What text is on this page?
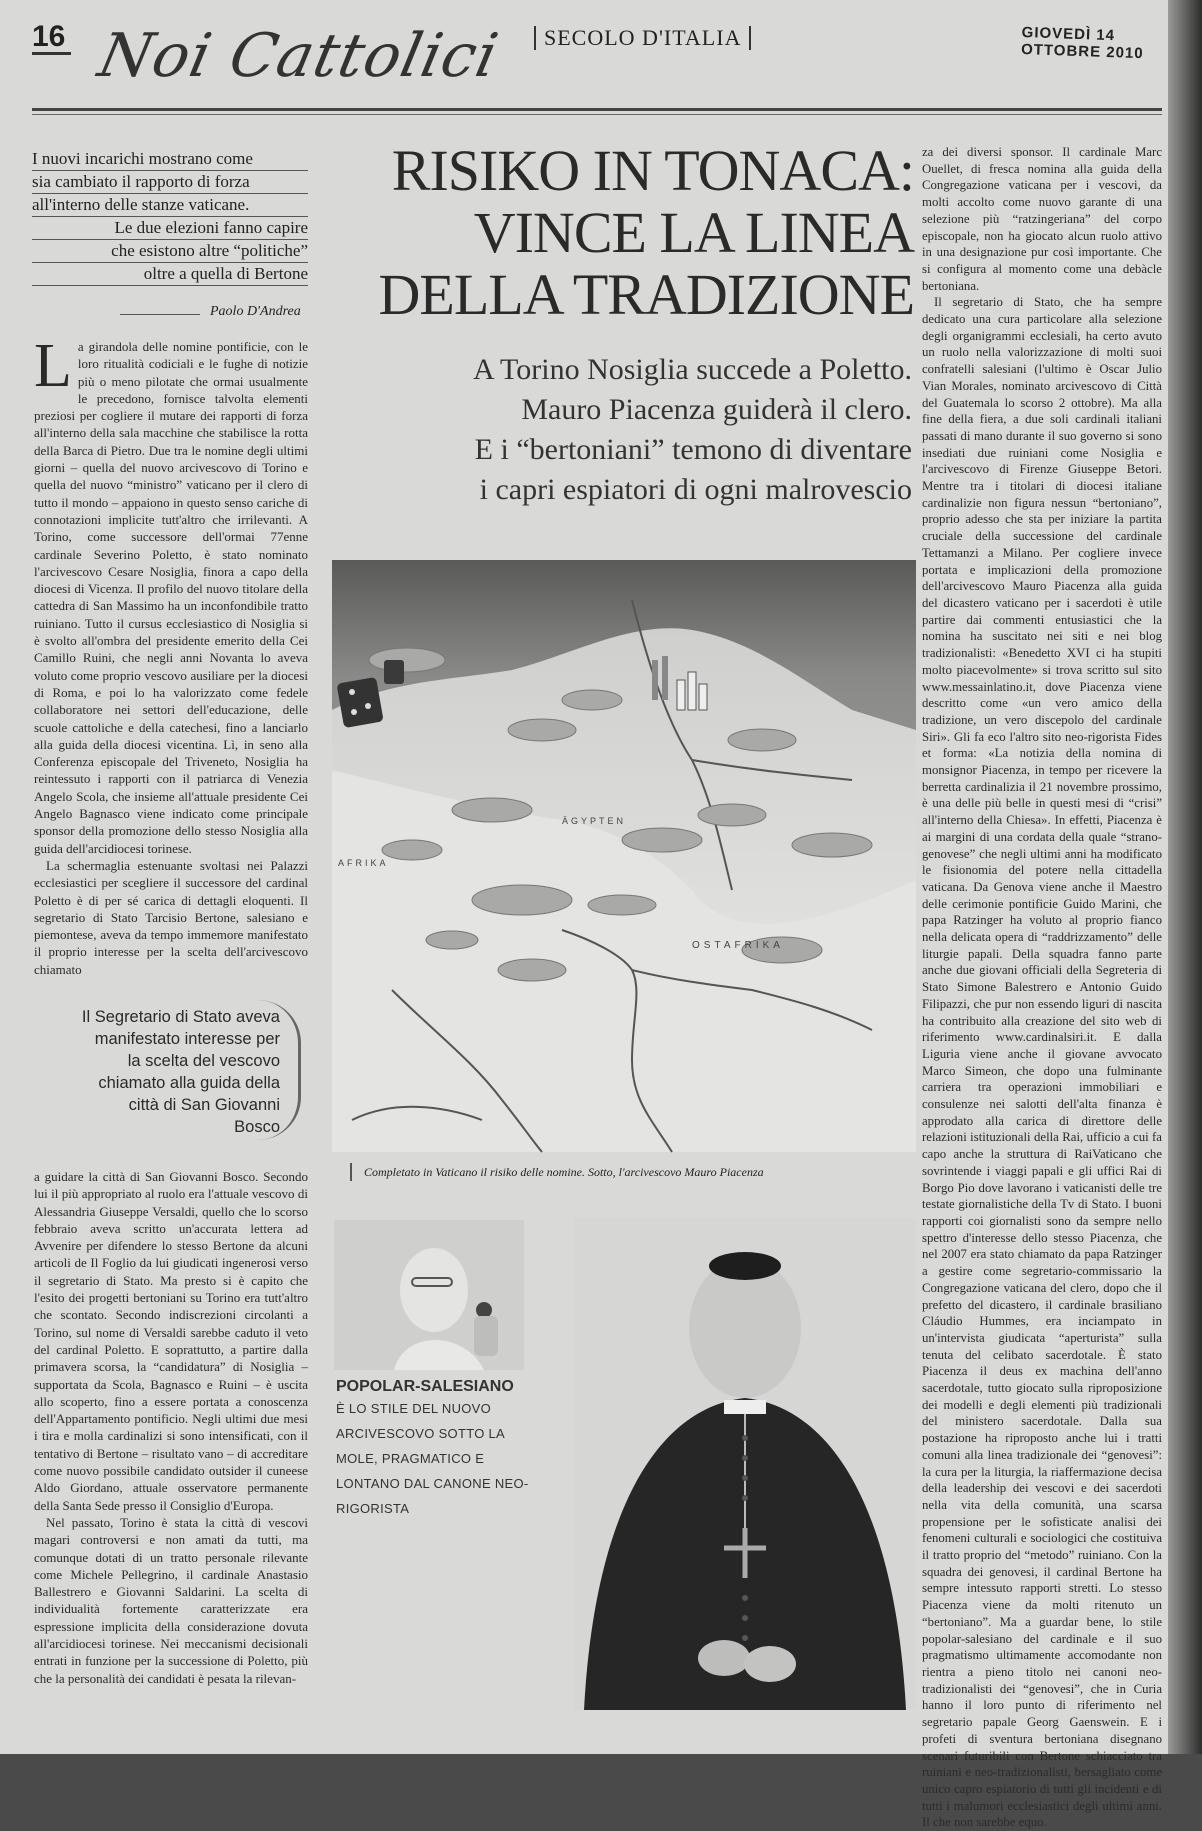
16 Noi Cattolici	SECOLO D'ITALIA	GIOVEDÌ 14 OTTOBRE 2010
I nuovi incarichi mostrano come
sia cambiato il rapporto di forza
all'interno delle stanze vaticane.
Le due elezioni fanno capire
che esistono altre “politiche”
oltre a quella di Bertone
Paolo D'Andrea

La girandola delle nomine pontificie, con le loro ritualità codiciali e le fughe di notizie più o meno pilotate che ormai usualmente le precedono, fornisce talvolta elementi preziosi per cogliere il mutare dei rapporti di forza all'interno della sala macchine che stabilisce la rotta della Barca di Pietro. Due tra le nomine degli ultimi giorni – quella del nuovo arcivescovo di Torino e quella del nuovo “ministro” vaticano per il clero di tutto il mondo – appaiono in questo senso cariche di connotazioni implicite tutt'altro che irrilevanti. A Torino, come successore dell'ormai 77enne cardinale Severino Poletto, è stato nominato l'arcivescovo Cesare Nosiglia, finora a capo della diocesi di Vicenza. Il profilo del nuovo titolare della cattedra di San Massimo ha un inconfondibile tratto ruiniano. Tutto il cursus ecclesiastico di Nosiglia si è svolto all'ombra del presidente emerito della Cei Camillo Ruini, che negli anni Novanta lo aveva voluto come proprio vescovo ausiliare per la diocesi di Roma, e poi lo ha valorizzato come fedele collaboratore nei settori dell'educazione, delle scuole cattoliche e della catechesi, fino a lanciarlo alla guida della diocesi vicentina. Lì, in seno alla Conferenza episcopale del Triveneto, Nosiglia ha reintessuto i rapporti con il patriarca di Venezia Angelo Scola, che insieme all'attuale presidente Cei Angelo Bagnasco viene indicato come principale sponsor della promozione dello stesso Nosiglia alla guida dell'arcidiocesi torinese.

La schermaglia estenuante svoltasi nei Palazzi ecclesiastici per scegliere il successore del cardinal Poletto è di per sé carica di dettagli eloquenti. Il segretario di Stato Tarcisio Bertone, salesiano e piemontese, aveva da tempo immemore manifestato il proprio interesse per la scelta dell'arcivescovo chiamato

Il Segretario di Stato aveva manifestato interesse per la scelta del vescovo chiamato alla guida della città di San Giovanni Bosco

a guidare la città di San Giovanni Bosco. Secondo lui il più appropriato al ruolo era l'attuale vescovo di Alessandria Giuseppe Versaldi, quello che lo scorso febbraio aveva scritto un'accurata lettera ad Avvenire per difendere lo stesso Bertone da alcuni articoli de Il Foglio da lui giudicati ingenerosi verso il segretario di Stato. Ma presto si è capito che l'esito dei progetti bertoniani su Torino era tutt'altro che scontato. Secondo indiscrezioni circolanti a Torino, sul nome di Versaldi sarebbe caduto il veto del cardinal Poletto. E soprattutto, a partire dalla primavera scorsa, la “candidatura” di Nosiglia – supportata da Scola, Bagnasco e Ruini – è uscita allo scoperto, fino a essere portata a conoscenza dell'Appartamento pontificio. Negli ultimi due mesi i tira e molla cardinalizi si sono intensificati, con il tentativo di Bertone – risultato vano – di accreditare come nuovo possibile candidato outsider il cuneese Aldo Giordano, attuale osservatore permanente della Santa Sede presso il Consiglio d'Europa.

Nel passato, Torino è stata la città di vescovi magari controversi e non amati da tutti, ma comunque dotati di un tratto personale rilevante come Michele Pellegrino, il cardinale Anastasio Ballestrero e Giovanni Saldarini. La scelta di individualità fortemente caratterizzate era espressione implicita della considerazione dovuta all'arcidiocesi torinese. Nei meccanismi decisionali entrati in funzione per la successione di Poletto, più che la personalità dei candidati è pesata la rilevan-

RISIKO IN TONACA:
VINCE LA LINEA
DELLA TRADIZIONE
A Torino Nosiglia succede a Poletto.
Mauro Piacenza guiderà il clero.
E i “bertoniani” temono di diventare
i capri espiatori di ogni malrovescio
ÄGYPTEN
AFRIKA
OSTAFRIKA
Completato in Vaticano il risiko delle nomine. Sotto, l'arcivescovo Mauro Piacenza
POPOLAR-SALESIANO
È LO STILE DEL NUOVO ARCIVESCOVO SOTTO LA MOLE, PRAGMATICO E LONTANO DAL CANONE NEO-RIGORISTA

za dei diversi sponsor. Il cardinale Marc Ouellet, di fresca nomina alla guida della Congregazione vaticana per i vescovi, da molti accolto come nuovo garante di una selezione più “ratzingeriana” del corpo episcopale, non ha giocato alcun ruolo attivo in una designazione pur così importante. Che si configura al momento come una debàcle bertoniana.

Il segretario di Stato, che ha sempre dedicato una cura particolare alla selezione degli organigrammi ecclesiali, ha certo avuto un ruolo nella valorizzazione di molti suoi confratelli salesiani (l'ultimo è Oscar Julio Vian Morales, nominato arcivescovo di Città del Guatemala lo scorso 2 ottobre). Ma alla fine della fiera, a due soli cardinali italiani passati di mano durante il suo governo si sono insediati due ruiniani come Nosiglia e l'arcivescovo di Firenze Giuseppe Betori. Mentre tra i titolari di diocesi italiane cardinalizie non figura nessun “bertoniano”, proprio adesso che sta per iniziare la partita cruciale della successione del cardinale Tettamanzi a Milano. Per cogliere invece portata e implicazioni della promozione dell'arcivescovo Mauro Piacenza alla guida del dicastero vaticano per i sacerdoti è utile partire dai commenti entusiastici che la nomina ha suscitato nei siti e nei blog tradizionalisti: «Benedetto XVI ci ha stupiti molto piacevolmente» si trova scritto sul sito www.messainlatino.it, dove Piacenza viene descritto come «un vero amico della tradizione, un vero discepolo del cardinale Siri». Gli fa eco l'altro sito neo-rigorista Fides et forma: «La notizia della nomina di monsignor Piacenza, in tempo per ricevere la berretta cardinalizia il 21 novembre prossimo, è una delle più belle in questi mesi di “crisi” all'interno della Chiesa». In effetti, Piacenza è ai margini di una cordata della quale “strano-genovese” che negli ultimi anni ha modificato le fisionomia del potere nella cittadella vaticana. Da Genova viene anche il Maestro delle cerimonie pontificie Guido Marini, che papa Ratzinger ha voluto al proprio fianco nella delicata opera di “raddrizzamento” delle liturgie papali. Della squadra fanno parte anche due giovani officiali della Segreteria di Stato Simone Balestrero e Antonio Guido Filipazzi, che pur non essendo liguri di nascita ha contribuito alla creazione del sito web di riferimento www.cardinalsiri.it. E dalla Liguria viene anche il giovane avvocato Marco Simeon, che dopo una fulminante carriera tra operazioni immobiliari e consulenze nei salotti dell'alta finanza è approdato alla carica di direttore delle relazioni istituzionali della Rai, ufficio a cui fa capo anche la struttura di RaiVaticano che sovrintende i viaggi papali e gli uffici Rai di Borgo Pio dove lavorano i vaticanisti delle tre testate giornalistiche della Tv di Stato. I buoni rapporti coi giornalisti sono da sempre nello spettro d'interesse dello stesso Piacenza, che nel 2007 era stato chiamato da papa Ratzinger a gestire come segretario-commissario la Congregazione vaticana del clero, dopo che il prefetto del dicastero, il cardinale brasiliano Cláudio Hummes, era inciampato in un'intervista giudicata “aperturista” sulla tenuta del celibato sacerdotale. È stato Piacenza il deus ex machina dell'anno sacerdotale, tutto giocato sulla riproposizione dei modelli e degli elementi più tradizionali del ministero sacerdotale. Dalla sua postazione ha riproposto anche lui i tratti comuni alla linea tradizionale dei “genovesi”: la cura per la liturgia, la riaffermazione decisa della leadership dei vescovi e dei sacerdoti nella vita della comunità, una scarsa propensione per le sofisticate analisi dei fenomeni culturali e sociologici che costituiva il tratto proprio del “metodo” ruiniano. Con la squadra dei genovesi, il cardinal Bertone ha sempre intessuto rapporti stretti. Lo stesso Piacenza viene da molti ritenuto un “bertoniano”. Ma a guardar bene, lo stile popolar-salesiano del cardinale e il suo pragmatismo ultimamente accomodante non rientra a pieno titolo nei canoni neo-tradizionalisti dei “genovesi”, che in Curia hanno il loro punto di riferimento nel segretario papale Georg Gaenswein. E i profeti di sventura bertoniana disegnano scenari futuribili con Bertone schiacciato tra ruiniani e neo-tradizionalisti, bersagliato come unico capro espiatorio di tutti gli incidenti e di tutti i malumori ecclesiastici degli ultimi anni. Il che non sarebbe equo.
